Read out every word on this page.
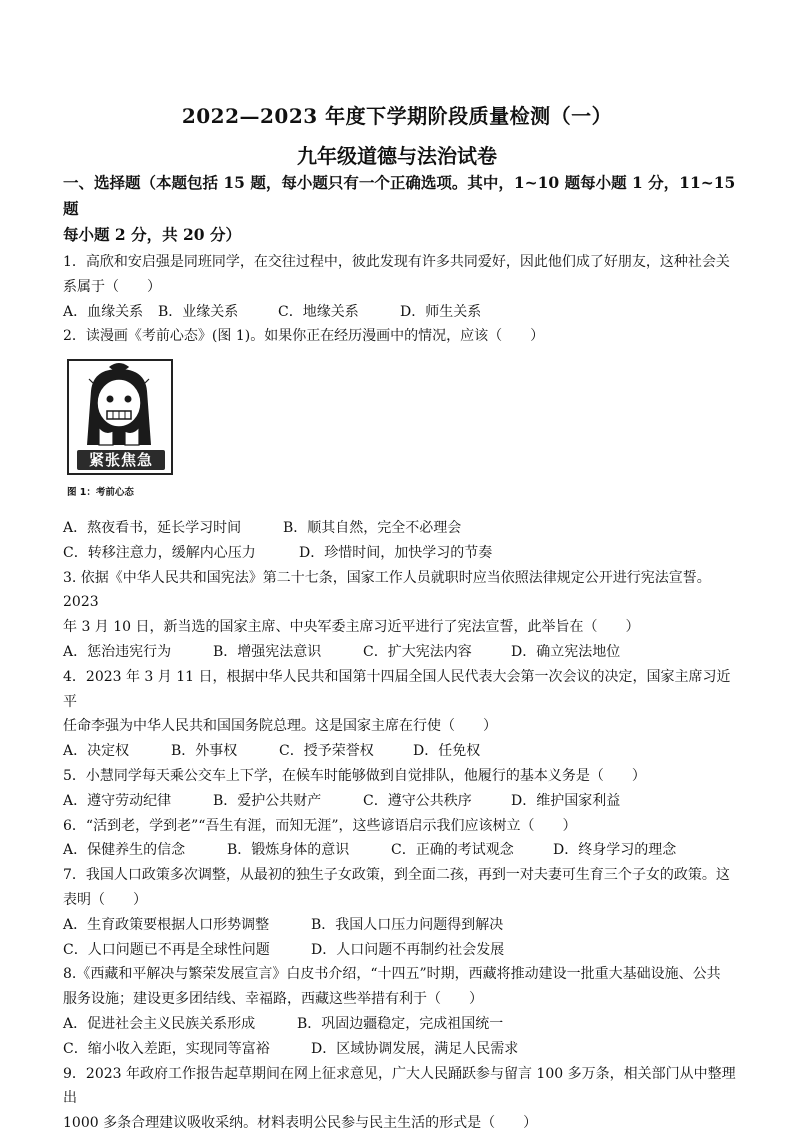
2022—2023 年度下学期阶段质量检测（一）
九年级道德与法治试卷
一、选择题（本题包括 15 题，每小题只有一个正确选项。其中，1~10 题每小题 1 分，11~15 题
每小题 2 分，共 20 分）
1．高欣和安启强是同班同学，在交往过程中，彼此发现有许多共同爱好，因此他们成了好朋友，这种社会关
系属于（　　）
A．血缘关系	B．业缘关系	C．地缘关系	D．师生关系
2．读漫画《考前心态》(图 1)。如果你正在经历漫画中的情况，应该（　　）
紧张焦急
图 1：考前心态
A．熬夜看书，延长学习时间	B．顺其自然，完全不必理会
C．转移注意力，缓解内心压力	D．珍惜时间，加快学习的节奏
3. 依据《中华人民共和国宪法》第二十七条，国家工作人员就职时应当依照法律规定公开进行宪法宣誓。2023
年 3 月 10 日，新当选的国家主席、中央军委主席习近平进行了宪法宣誓，此举旨在（　　）
A．惩治违宪行为	B．增强宪法意识	C．扩大宪法内容	D．确立宪法地位
4．2023 年 3 月 11 日，根据中华人民共和国第十四届全国人民代表大会第一次会议的决定，国家主席习近平
任命李强为中华人民共和国国务院总理。这是国家主席在行使（　　）
A．决定权	B．外事权	C．授予荣誉权	D．任免权
5．小慧同学每天乘公交车上下学，在候车时能够做到自觉排队，他履行的基本义务是（　　）
A．遵守劳动纪律	B．爱护公共财产	C．遵守公共秩序	D．维护国家利益
6．“活到老，学到老”“吾生有涯，而知无涯”，这些谚语启示我们应该树立（　　）
A．保健养生的信念	B．锻炼身体的意识	C．正确的考试观念	D．终身学习的理念
7．我国人口政策多次调整，从最初的独生子女政策，到全面二孩，再到一对夫妻可生育三个子女的政策。这
表明（　　）
A．生育政策要根据人口形势调整	B．我国人口压力问题得到解决
C．人口问题已不再是全球性问题	D．人口问题不再制约社会发展
8.《西藏和平解决与繁荣发展宣言》白皮书介绍，“十四五”时期，西藏将推动建设一批重大基础设施、公共
服务设施；建设更多团结线、幸福路，西藏这些举措有利于（　　）
A．促进社会主义民族关系形成	B．巩固边疆稳定，完成祖国统一
C．缩小收入差距，实现同等富裕	D．区域协调发展，满足人民需求
9．2023 年政府工作报告起草期间在网上征求意见，广大人民踊跃参与留言 100 多万条，相关部门从中整理出
1000 多条合理建议吸收采纳。材料表明公民参与民主生活的形式是（　　）
